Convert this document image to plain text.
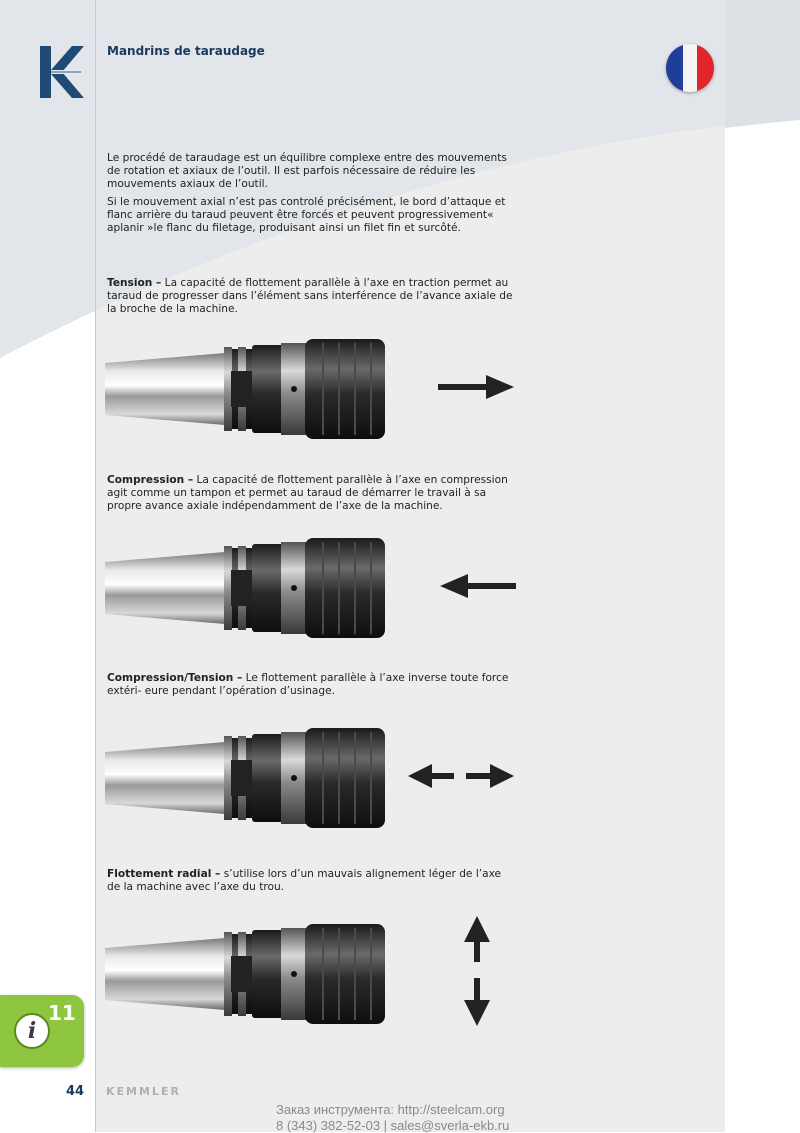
Mandrins de taraudage

Le procédé de taraudage est un équilibre complexe entre des mouvements de rotation et axiaux de l’outil. Il est parfois nécessaire de réduire les mouvements axiaux de l’outil.

Si le mouvement axial n’est pas controlé précisément, le bord d’attaque et flanc arrière du taraud peuvent être forcés et peuvent progressivement« aplanir »le flanc du filetage, produisant ainsi un filet fin et surcôté.

Tension – La capacité de flottement parallèle à l’axe en traction permet au taraud de progresser dans l’élément sans interférence de l’avance axiale de la broche de la machine.

Compression – La capacité de flottement parallèle à l’axe en compression agit comme un tampon et permet au taraud de démarrer le travail à sa propre avance axiale indépendamment de l’axe de la machine.

Compression/Tension – Le flottement parallèle à l’axe inverse toute force extéri- eure pendant l’opération d’usinage.

Flottement radial – s’utilise lors d’un mauvais alignement léger de l’axe de la machine avec l’axe du trou.

i
11
44 KEMMLER
Заказ инструмента: http://steelcam.org
8 (343) 382-52-03 | sales@sverla-ekb.ru
